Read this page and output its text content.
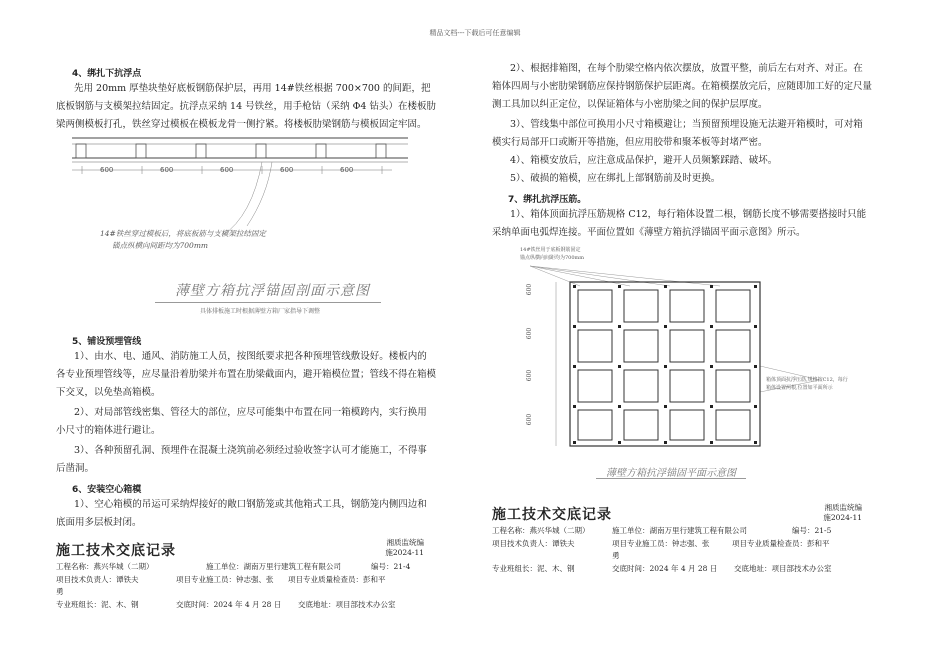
精品文档---下载后可任意编辑
4、绑扎下抗浮点
先用 20mm 厚垫块垫好底板钢筋保护层，再用 14#铁丝根据 700×700 的间距，把底板钢筋与支模架拉结固定。抗浮点采纳 14 号铁丝，用手枪钻（采纳 Φ4 钻头）在楼板肋梁两侧模板打孔，铁丝穿过模板在模板龙骨一侧拧紧。将楼板肋梁钢筋与模板固定牢固。
600	600	600	600	600
14#铁丝穿过模板后，将底板筋与支模架拉结固定
锚点纵横向间距均为700mm
薄壁方箱抗浮锚固剖面示意图
具体排板施工时根据薄壁方箱厂家指导下调整
5、铺设预埋管线
1）、由水、电、通风、消防施工人员，按图纸要求把各种预埋管线敷设好。楼板内的各专业预埋管线等，应尽量沿着肋梁并布置在肋梁截面内，避开箱模位置；管线不得在箱模下交叉，以免垫高箱模。
2）、对局部管线密集、管径大的部位，应尽可能集中布置在同一箱模跨内，实行换用小尺寸的箱体进行避让。
3）、各种预留孔洞、预埋件在混凝土浇筑前必须经过验收签字认可才能施工，不得事后凿洞。
6、安装空心箱模
1）、空心箱模的吊运可采纳焊接好的敞口钢筋笼或其他箱式工具，钢筋笼内侧四边和底面用多层板封闭。
施工技术交底记录
湘质监统编
施2024-11
工程名称：燕兴华城（二期）	施工单位：湖南万里行建筑工程有限公司	编号：21-4
项目技术负责人：谭铁夫	项目专业施工员：钟志强、张 项目专业质量检查员：彭和平
勇
专业班组长：泥、木、钢	交底时间：2024 年 4 月 28 日 交底地址：项目部技术办公室
2）、根据排箱图，在每个肋梁空格内依次摆放，放置平整，前后左右对齐、对正。在箱体四周与小密肋梁钢筋应保持钢筋保护层距离。在箱模摆放完后，应随即加工好的定尺量测工具加以纠正定位，以保证箱体与小密肋梁之间的保护层厚度。
3）、管线集中部位可换用小尺寸箱模避让；当预留预埋设施无法避开箱模时，可对箱模实行局部开口或断开等措施，但应用胶带和聚苯板等封堵严密。
4）、箱模安放后，应注意成品保护，避开人员频繁踩踏、破坏。
5）、破损的箱模，应在绑扎上部钢筋前及时更换。
7、绑扎抗浮压筋。
1）、箱体顶面抗浮压筋规格 C12，每行箱体设置二根，钢筋长度不够需要搭接时只能采纳单面电弧焊连接。平面位置如《薄壁方箱抗浮锚固平面示意图》所示。
14#铁丝用于底板钢筋固定
锚点纵横向间距均为700mm
600
600
600
600
箱体顶面抗浮压筋,规格按C12，每行
箱体设置两根,位置如平面所示
薄壁方箱抗浮锚固平面示意图
施工技术交底记录	湘质监统编
施2024-11
工程名称：燕兴华城（二期）	施工单位：湖南万里行建筑工程有限公司	编号：21-5
项目技术负责人：谭铁夫	项目专业施工员：钟志强、张	项目专业质量检查员：彭和平
勇
专业班组长：泥、木、钢	交底时间：2024 年 4 月 28 日 交底地址：项目部技术办公室
